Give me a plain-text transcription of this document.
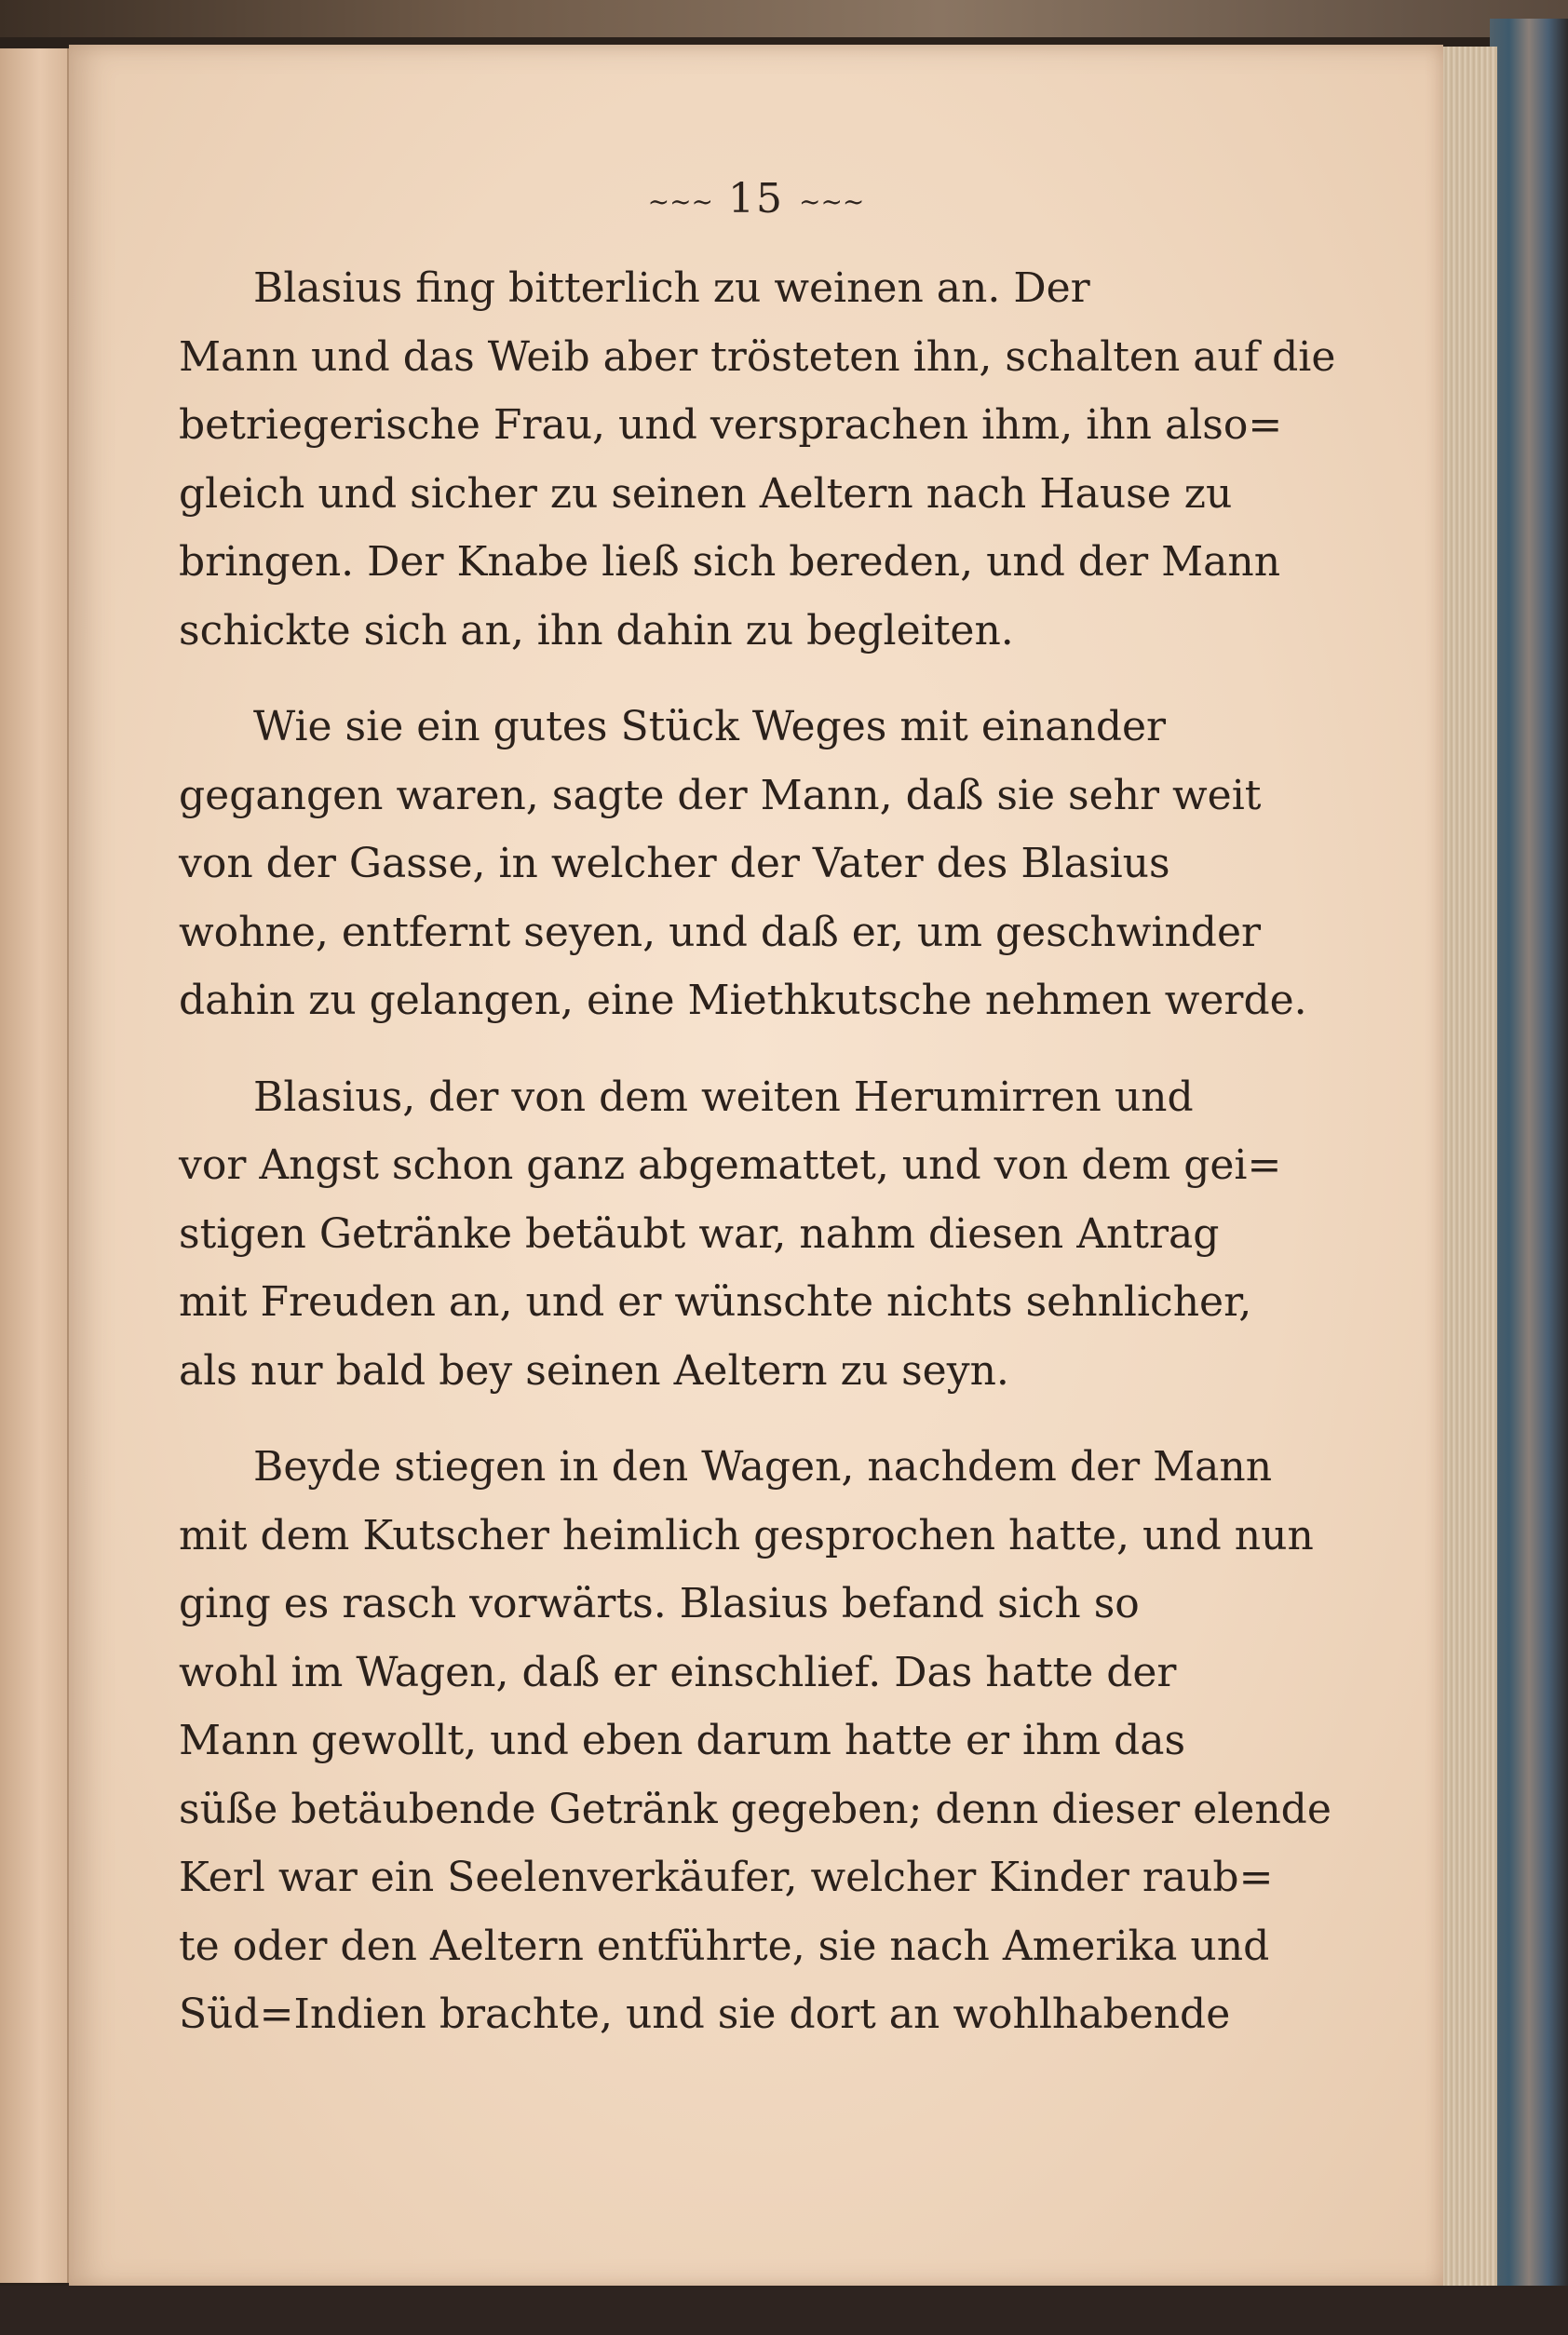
~~~ 15 ~~~
Blasius fing bitterlich zu weinen an. Der
Mann und das Weib aber trösteten ihn, schalten auf die
betriegerische Frau, und versprachen ihm, ihn also=
gleich und sicher zu seinen Aeltern nach Hause zu
bringen. Der Knabe ließ sich bereden, und der Mann
schickte sich an, ihn dahin zu begleiten.
Wie sie ein gutes Stück Weges mit einander
gegangen waren, sagte der Mann, daß sie sehr weit
von der Gasse, in welcher der Vater des Blasius
wohne, entfernt seyen, und daß er, um geschwinder
dahin zu gelangen, eine Miethkutsche nehmen werde.
Blasius, der von dem weiten Herumirren und
vor Angst schon ganz abgemattet, und von dem gei=
stigen Getränke betäubt war, nahm diesen Antrag
mit Freuden an, und er wünschte nichts sehnlicher,
als nur bald bey seinen Aeltern zu seyn.
Beyde stiegen in den Wagen, nachdem der Mann
mit dem Kutscher heimlich gesprochen hatte, und nun
ging es rasch vorwärts. Blasius befand sich so
wohl im Wagen, daß er einschlief. Das hatte der
Mann gewollt, und eben darum hatte er ihm das
süße betäubende Getränk gegeben; denn dieser elende
Kerl war ein Seelenverkäufer, welcher Kinder raub=
te oder den Aeltern entführte, sie nach Amerika und
Süd=Indien brachte, und sie dort an wohlhabende
